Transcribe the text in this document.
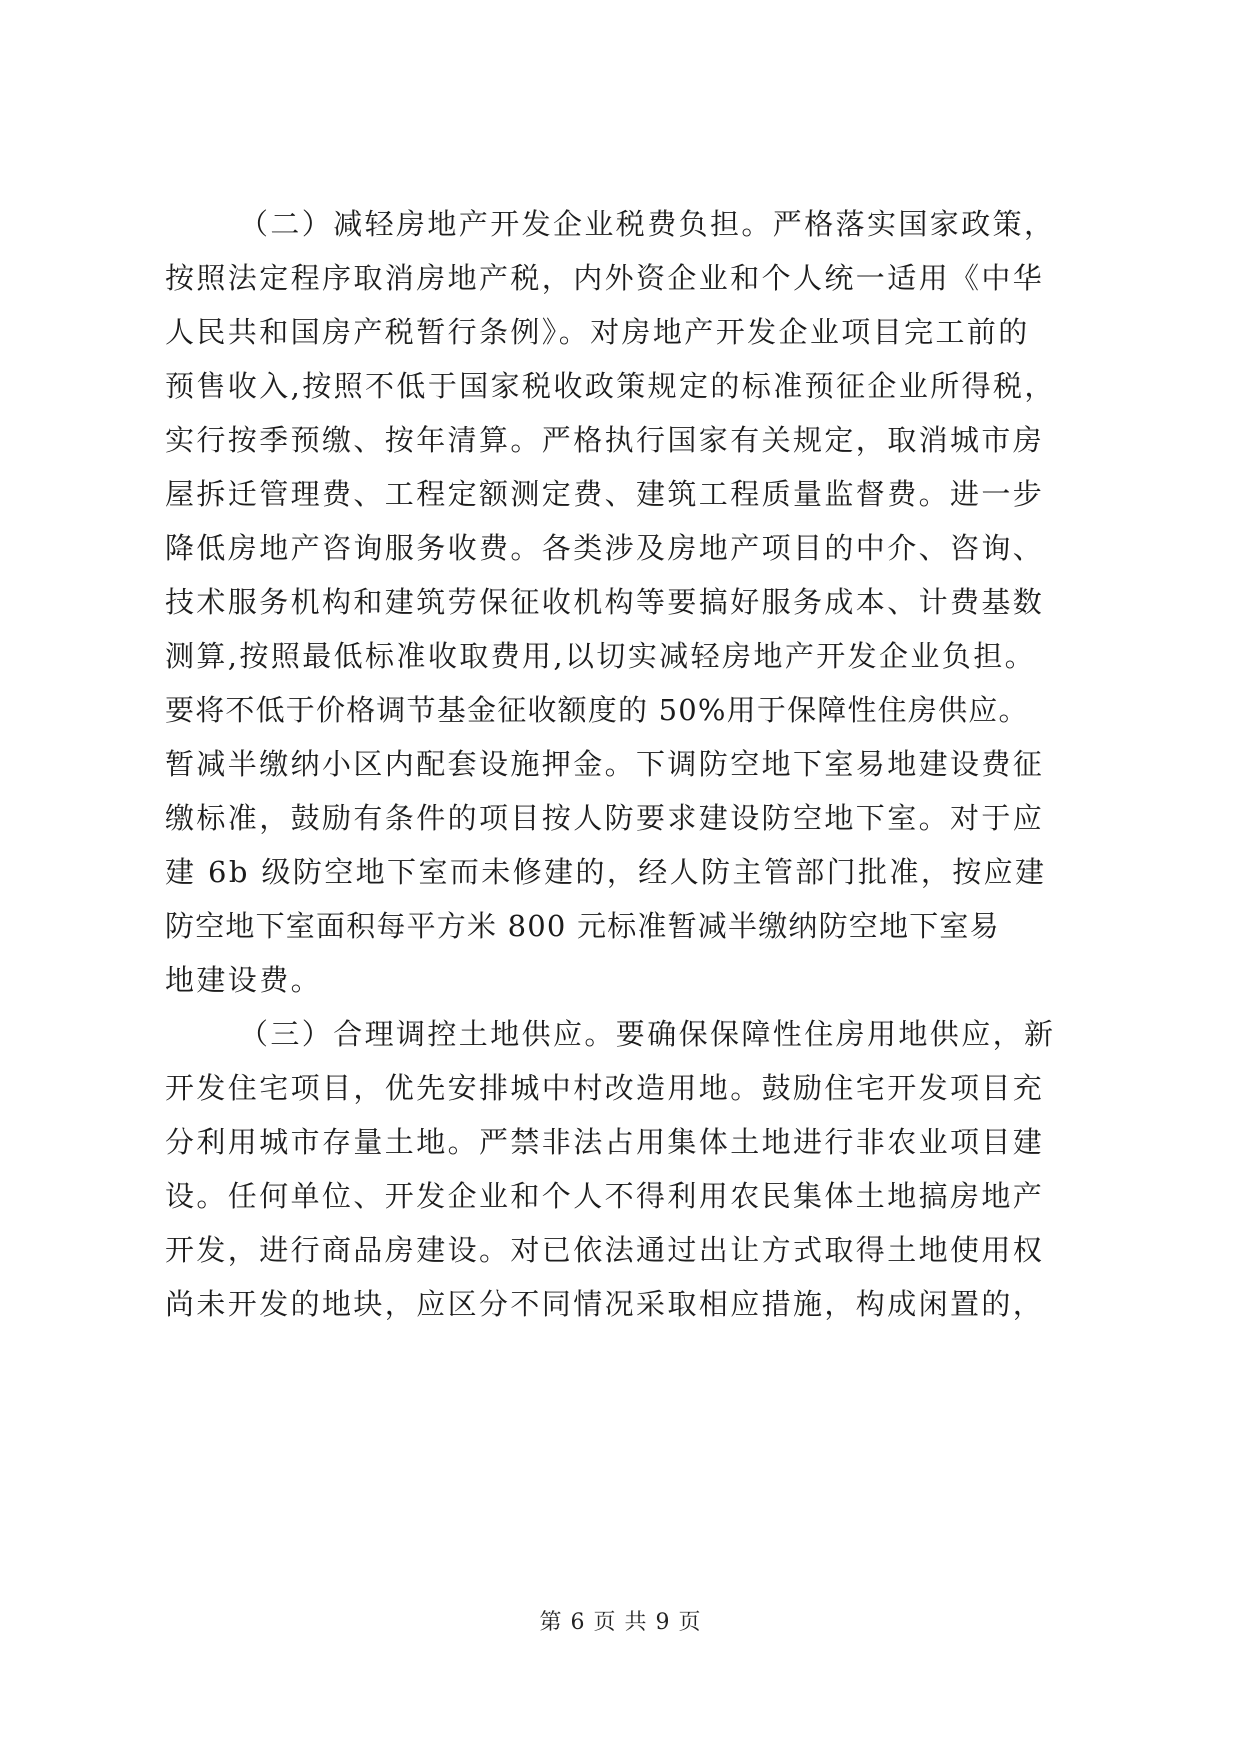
（二）减轻房地产开发企业税费负担。严格落实国家政策，
按照法定程序取消房地产税，内外资企业和个人统一适用《中华
人民共和国房产税暂行条例》。对房地产开发企业项目完工前的
预售收入,按照不低于国家税收政策规定的标准预征企业所得税，
实行按季预缴、按年清算。严格执行国家有关规定，取消城市房
屋拆迁管理费、工程定额测定费、建筑工程质量监督费。进一步
降低房地产咨询服务收费。各类涉及房地产项目的中介、咨询、
技术服务机构和建筑劳保征收机构等要搞好服务成本、计费基数
测算,按照最低标准收取费用,以切实减轻房地产开发企业负担。
要将不低于价格调节基金征收额度的 50%用于保障性住房供应。
暂减半缴纳小区内配套设施押金。下调防空地下室易地建设费征
缴标准，鼓励有条件的项目按人防要求建设防空地下室。对于应
建 6b 级防空地下室而未修建的，经人防主管部门批准，按应建
防空地下室面积每平方米 800 元标准暂减半缴纳防空地下室易
地建设费。
（三）合理调控土地供应。要确保保障性住房用地供应，新
开发住宅项目，优先安排城中村改造用地。鼓励住宅开发项目充
分利用城市存量土地。严禁非法占用集体土地进行非农业项目建
设。任何单位、开发企业和个人不得利用农民集体土地搞房地产
开发，进行商品房建设。对已依法通过出让方式取得土地使用权
尚未开发的地块，应区分不同情况采取相应措施，构成闲置的，
第 6 页 共 9 页
